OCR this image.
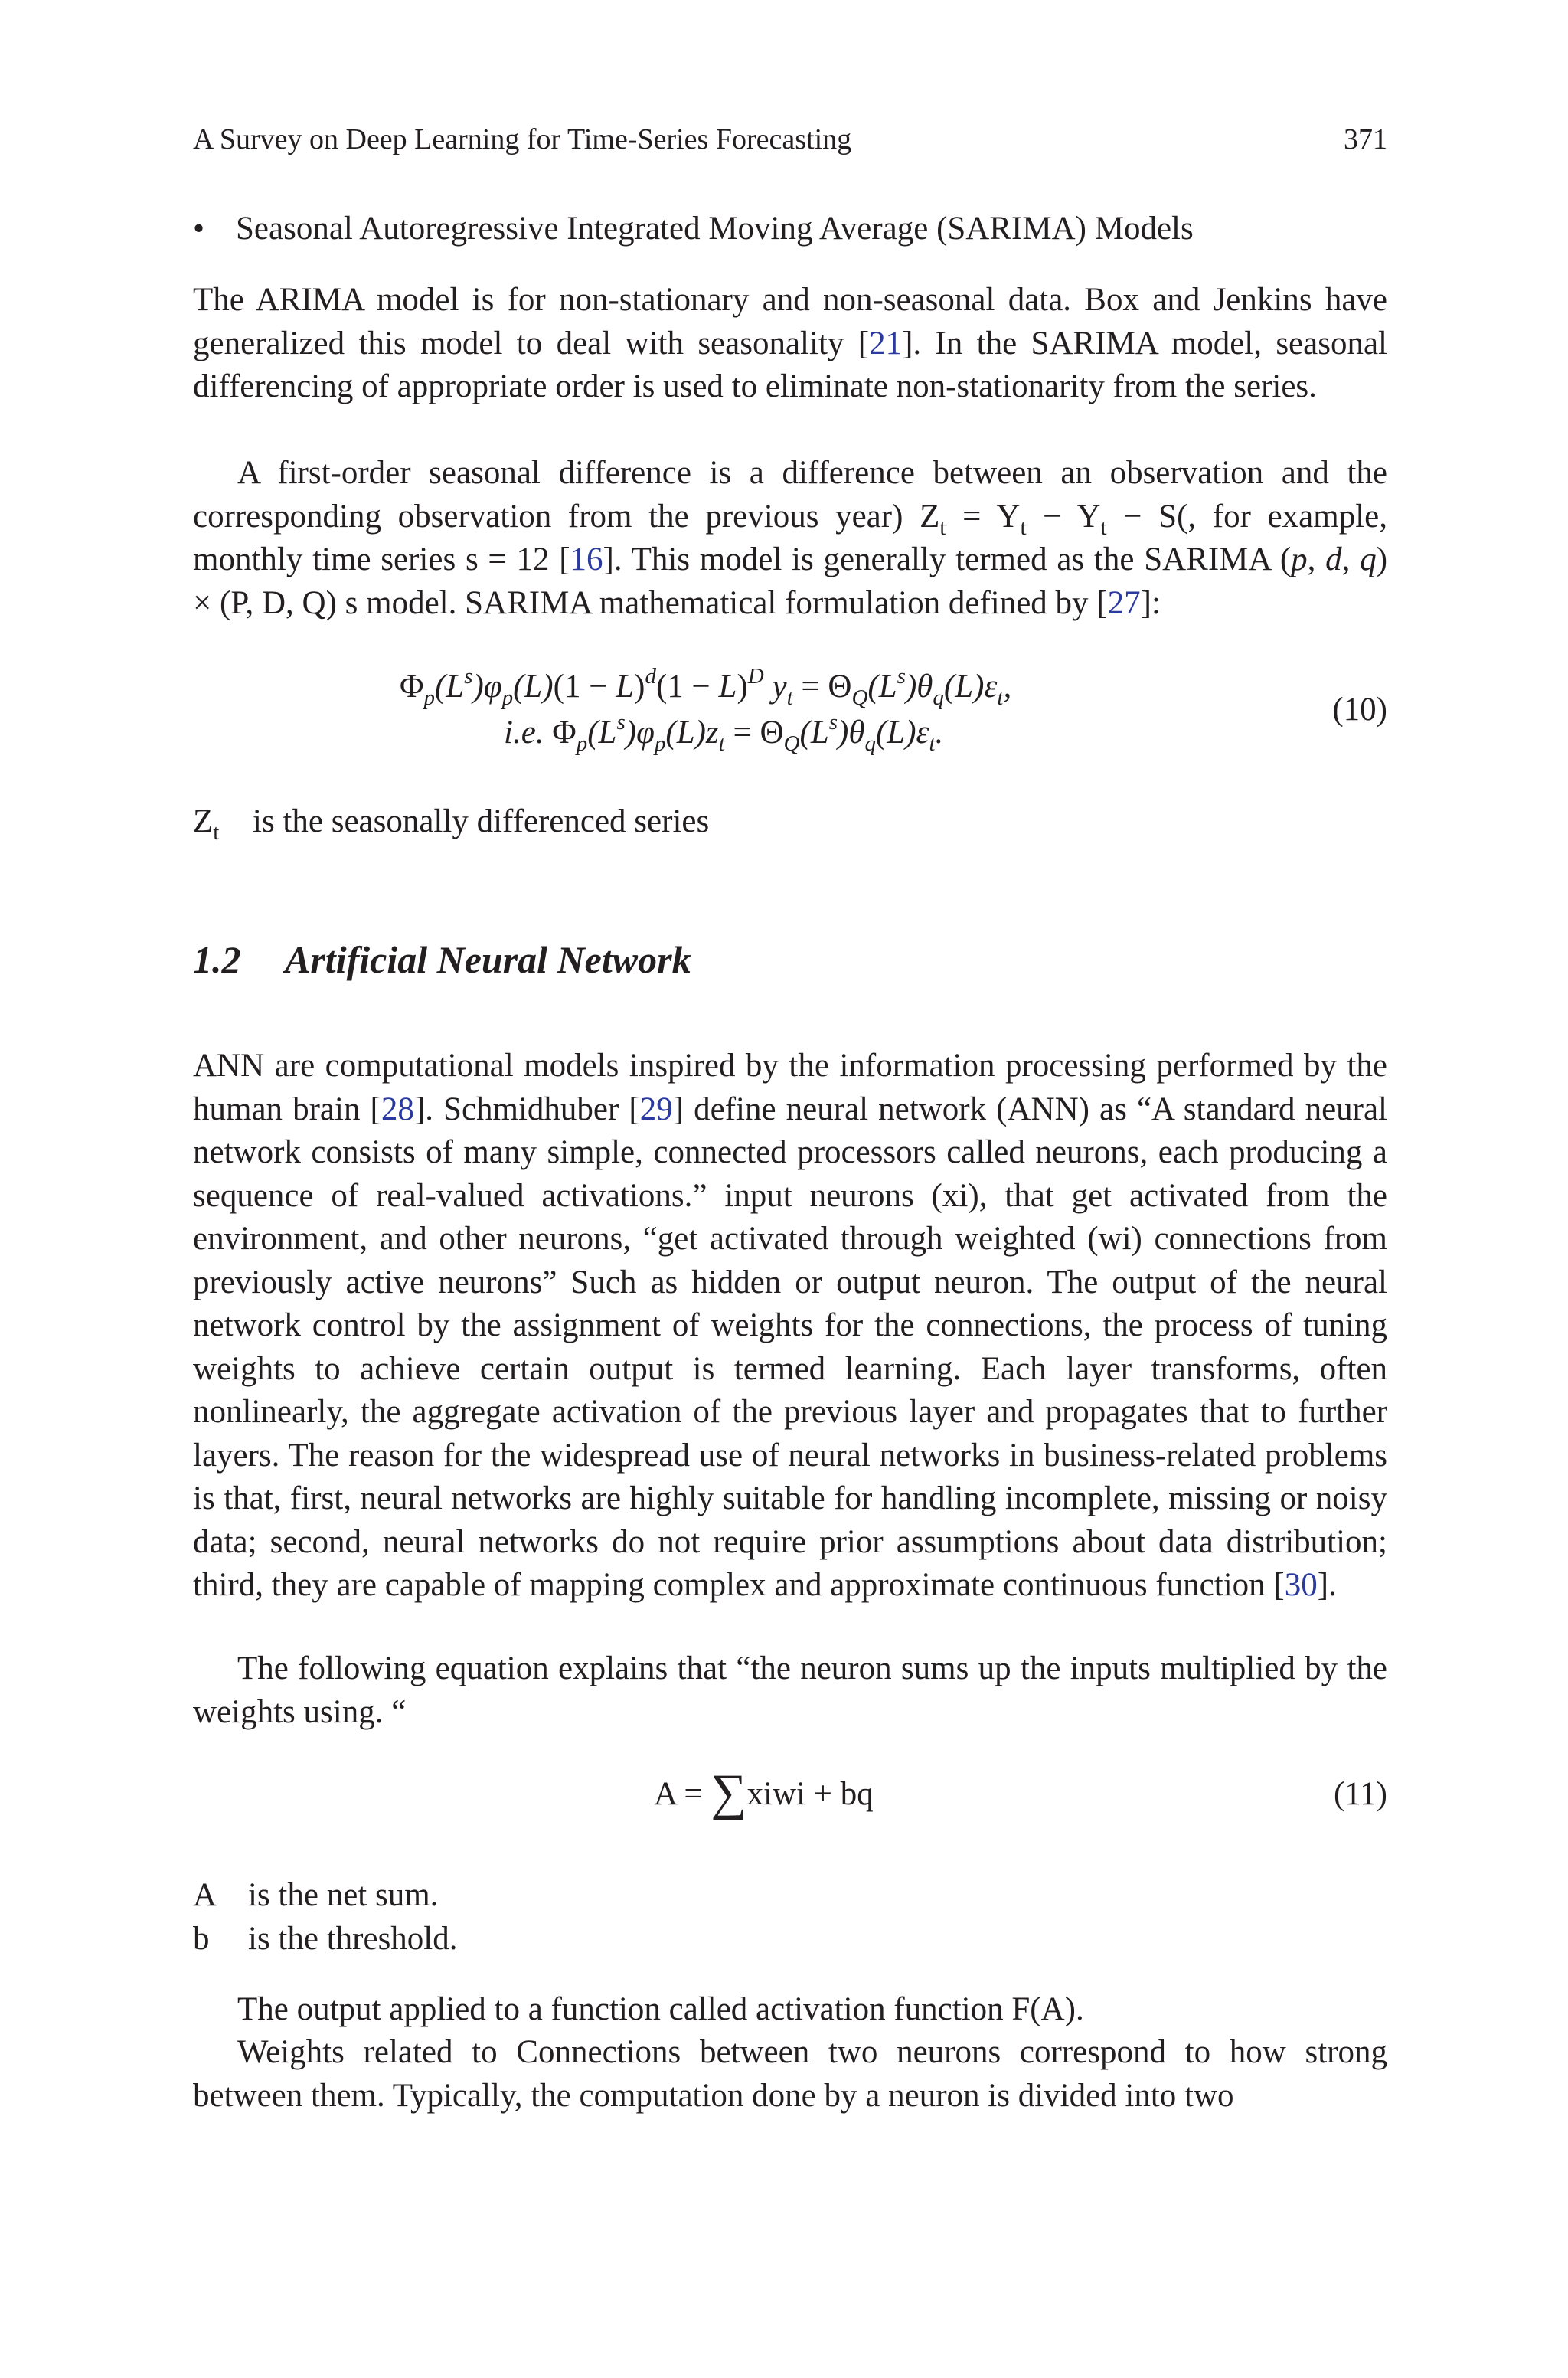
A Survey on Deep Learning for Time-Series Forecasting	371
• Seasonal Autoregressive Integrated Moving Average (SARIMA) Models

The ARIMA model is for non-stationary and non-seasonal data. Box and Jenkins have generalized this model to deal with seasonality [21]. In the SARIMA model, seasonal differencing of appropriate order is used to eliminate non-stationarity from the series.

A first-order seasonal difference is a difference between an observation and the corresponding observation from the previous year) $Z_t = Y_t - Y_t - S$(, for example, monthly time series s = 12 [16]. This model is generally termed as the SARIMA (p, d, q) × (P, D, Q) s model. SARIMA mathematical formulation defined by [27]:

$\Phi_p(L^s)\varphi_p(L)(1 - L)^d(1 - L)^D$ $y_t = \Theta_Q(L^s)\theta_q(L)\varepsilon_t$,
i.e. $\Phi_p(L^s)\varphi_p(L)z_t = \Theta_Q(L^s)\theta_q(L)\varepsilon_t$.
(10)
$Z_t$ is the seasonally differenced series
1.2 Artificial Neural Network

ANN are computational models inspired by the information processing performed by the human brain [28]. Schmidhuber [29] define neural network (ANN) as “A standard neural network consists of many simple, connected processors called neurons, each producing a sequence of real-valued activations.” input neurons (xi), that get activated from the environment, and other neurons, “get activated through weighted (wi) connections from previously active neurons” Such as hidden or output neuron. The output of the neural network control by the assignment of weights for the connections, the process of tuning weights to achieve certain output is termed learning. Each layer transforms, often nonlinearly, the aggregate activation of the previous layer and propagates that to further layers. The reason for the widespread use of neural networks in business-related problems is that, first, neural networks are highly suitable for handling incomplete, missing or noisy data; second, neural networks do not require prior assumptions about data distribution; third, they are capable of mapping complex and approximate continuous function [30].

The following equation explains that “the neuron sums up the inputs multiplied by the weights using. “

A = ∑xiwi + bq	(11)
A is the net sum.
b is the threshold.

The output applied to a function called activation function F(A).

Weights related to Connections between two neurons correspond to how strong between them. Typically, the computation done by a neuron is divided into two
